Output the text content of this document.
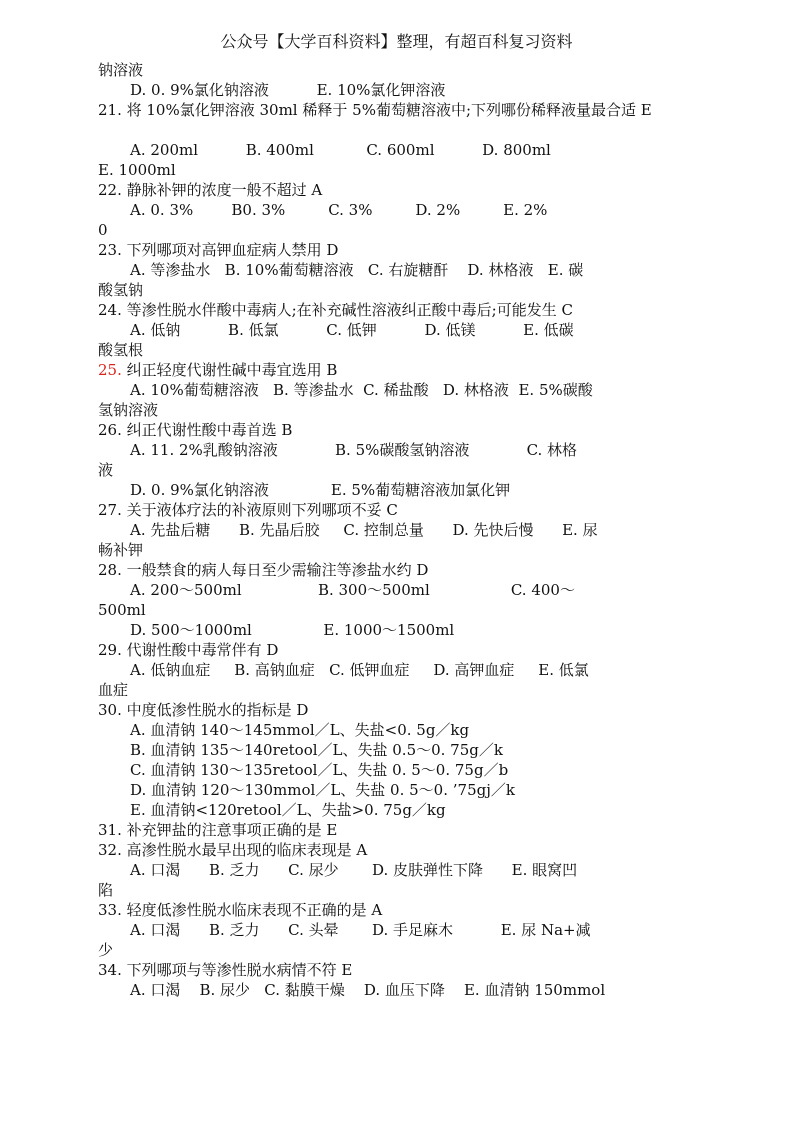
公众号【大学百科资料】整理，有超百科复习资料
钠溶液
D. 0. 9%氯化钠溶液          E. 10%氯化钾溶液
21. 将 10%氯化钾溶液 30ml 稀释于 5%葡萄糖溶液中;下列哪份稀释液量最合适 E
A. 200ml          B. 400ml           C. 600ml          D. 800ml
E. 1000ml
22. 静脉补钾的浓度一般不超过 A
A. 0. 3%        B0. 3%         C. 3%         D. 2%         E. 2%
0
23. 下列哪项对高钾血症病人禁用 D
A. 等渗盐水   B. 10%葡萄糖溶液   C. 右旋糖酐    D. 林格液   E. 碳
酸氢钠
24. 等渗性脱水伴酸中毒病人;在补充碱性溶液纠正酸中毒后;可能发生 C
A. 低钠          B. 低氯          C. 低钾          D. 低镁          E. 低碳
酸氢根
25. 纠正轻度代谢性碱中毒宜选用 B
A. 10%葡萄糖溶液   B. 等渗盐水  C. 稀盐酸   D. 林格液  E. 5%碳酸
氢钠溶液
26. 纠正代谢性酸中毒首选 B
A. 11. 2%乳酸钠溶液            B. 5%碳酸氢钠溶液            C. 林格
液
D. 0. 9%氯化钠溶液             E. 5%葡萄糖溶液加氯化钾
27. 关于液体疗法的补液原则下列哪项不妥 C
A. 先盐后糖      B. 先晶后胶     C. 控制总量      D. 先快后慢      E. 尿
畅补钾
28. 一般禁食的病人每日至少需输注等渗盐水约 D
A. 200～500ml                B. 300～500ml                 C. 400～
500ml
D. 500～1000ml               E. 1000～1500ml
29. 代谢性酸中毒常伴有 D
A. 低钠血症     B. 高钠血症   C. 低钾血症     D. 高钾血症     E. 低氯
血症
30. 中度低渗性脱水的指标是 D
A. 血清钠 140～145mmol／L、失盐<0. 5g／kg
B. 血清钠 135～140retool／L、失盐 0.5～0. 75g／k
C. 血清钠 130～135retool／L、失盐 0. 5～0. 75g／b
D. 血清钠 120～130mmol／L、失盐 0. 5～0. ’75gj／k
E. 血清钠<120retool／L、失盐>0. 75g／kg
31. 补充钾盐的注意事项正确的是 E
32. 高渗性脱水最早出现的临床表现是 A
A. 口渴      B. 乏力      C. 尿少       D. 皮肤弹性下降      E. 眼窝凹
陷
33. 轻度低渗性脱水临床表现不正确的是 A
A. 口渴      B. 乏力      C. 头晕       D. 手足麻木          E. 尿 Na+减
少
34. 下列哪项与等渗性脱水病情不符 E
A. 口渴    B. 尿少   C. 黏膜干燥    D. 血压下降    E. 血清钠 150mmol
